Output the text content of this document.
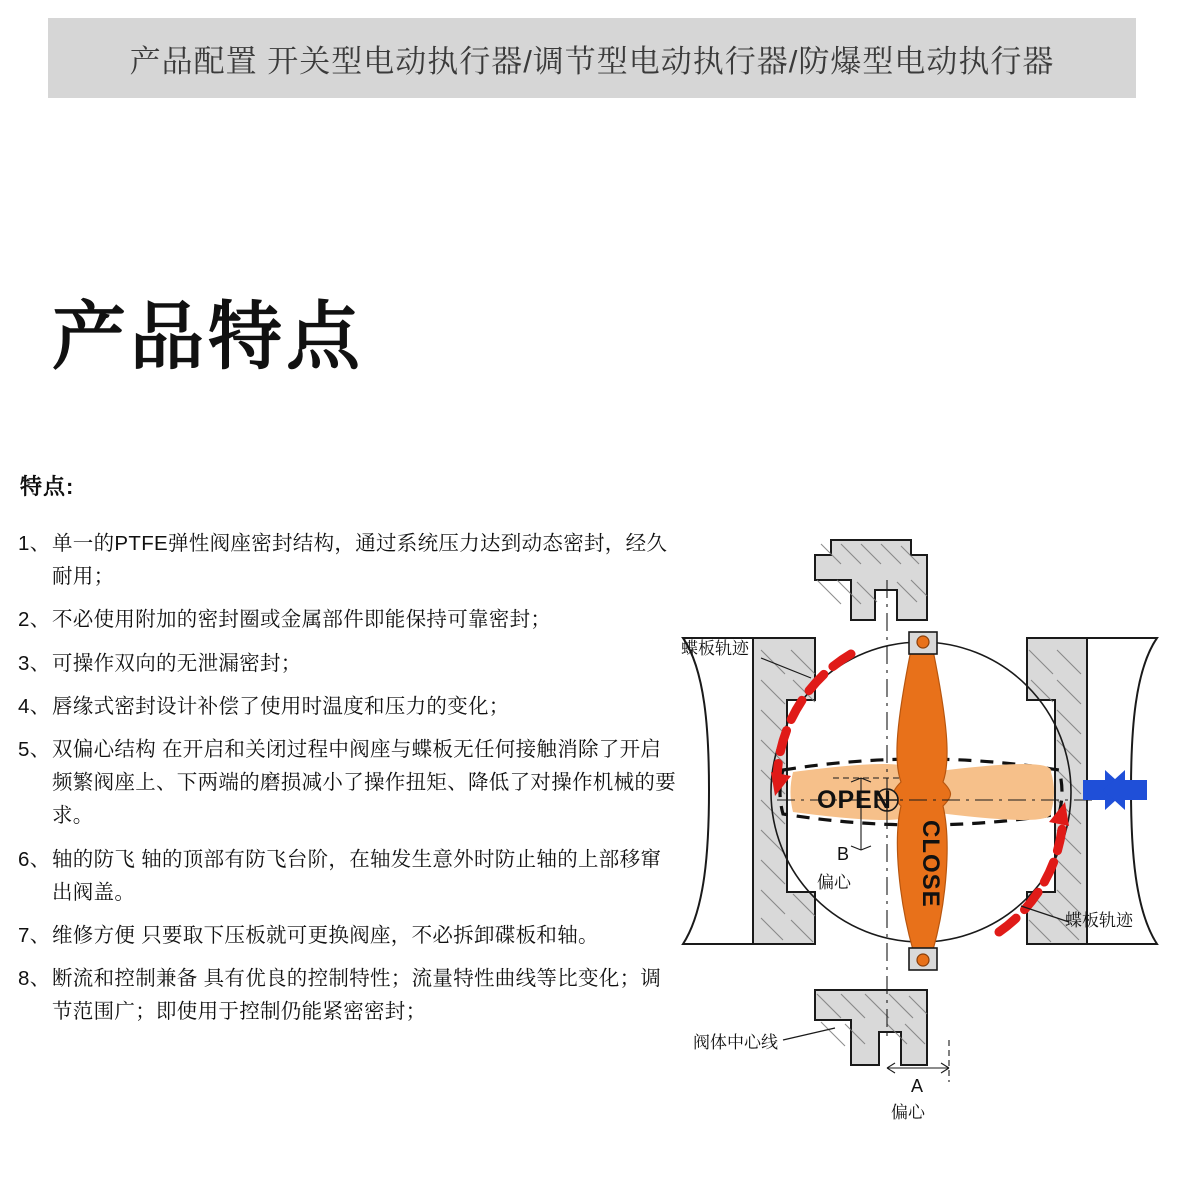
产品配置 开关型电动执行器/调节型电动执行器/防爆型电动执行器
产品特点
特点:
1、 单一的PTFE弹性阀座密封结构，通过系统压力达到动态密封，经久耐用；
2、 不必使用附加的密封圈或金属部件即能保持可靠密封；
3、 可操作双向的无泄漏密封；
4、 唇缘式密封设计补偿了使用时温度和压力的变化；
5、 双偏心结构 在开启和关闭过程中阀座与蝶板无任何接触消除了开启频繁阀座上、下两端的磨损减小了操作扭矩、降低了对操作机械的要求。
6、 轴的防飞 轴的顶部有防飞台阶，在轴发生意外时防止轴的上部移窜出阀盖。
7、 维修方便 只要取下压板就可更换阀座，不必拆卸碟板和轴。
8、 断流和控制兼备 具有优良的控制特性；流量特性曲线等比变化；调节范围广；即使用于控制仍能紧密密封；
蝶板轨迹
蝶板轨迹
OPEN
CLOSE
B
偏心
A
偏心
阀体中心线
